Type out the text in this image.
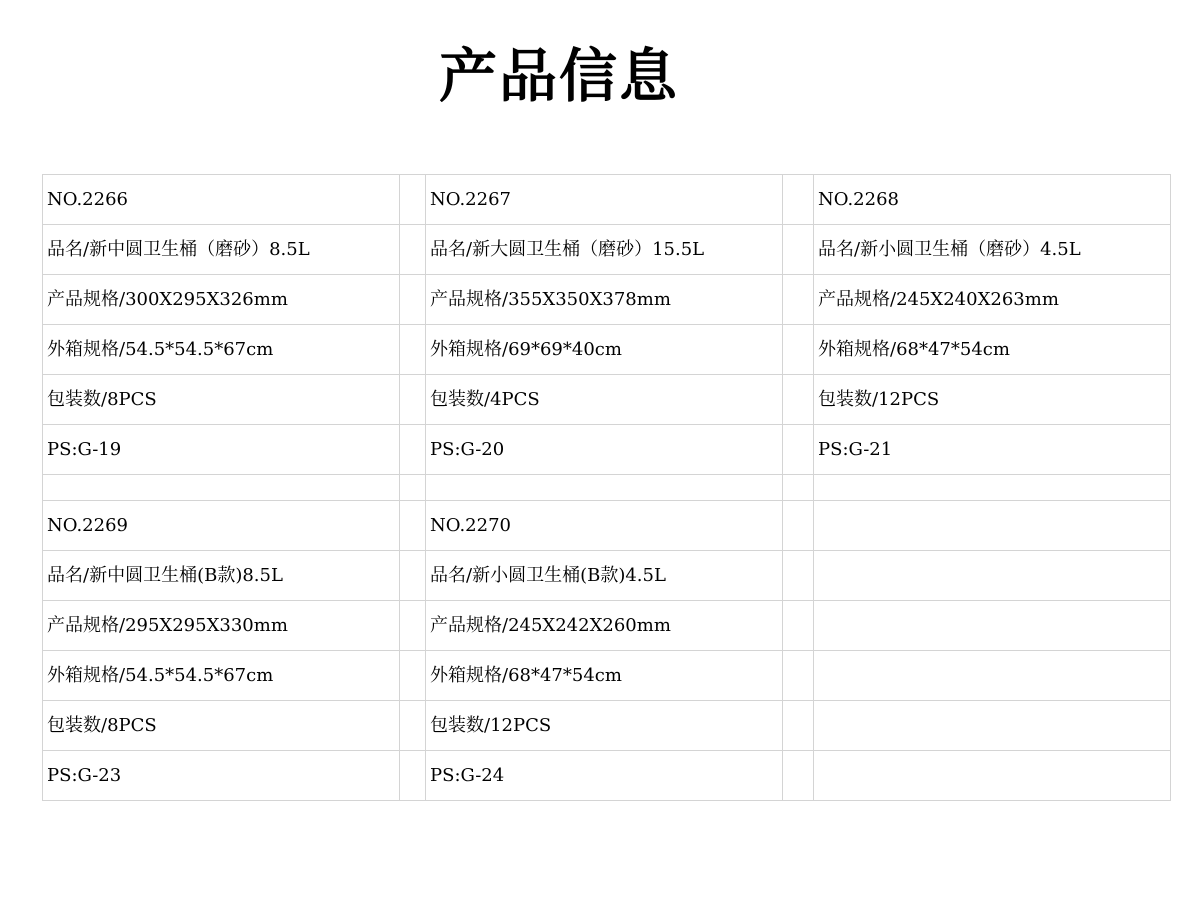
产品信息
NO.2266		NO.2267		NO.2268
品名/新中圆卫生桶（磨砂）8.5L		品名/新大圆卫生桶（磨砂）15.5L		品名/新小圆卫生桶（磨砂）4.5L
产品规格/300X295X326mm		产品规格/355X350X378mm		产品规格/245X240X263mm
外箱规格/54.5*54.5*67cm		外箱规格/69*69*40cm		外箱规格/68*47*54cm
包装数/8PCS		包装数/4PCS		包装数/12PCS
PS:G-19		PS:G-20		PS:G-21

NO.2269		NO.2270		
品名/新中圆卫生桶(B款)8.5L		品名/新小圆卫生桶(B款)4.5L		
产品规格/295X295X330mm		产品规格/245X242X260mm		
外箱规格/54.5*54.5*67cm		外箱规格/68*47*54cm		
包装数/8PCS		包装数/12PCS		
PS:G-23		PS:G-24		
